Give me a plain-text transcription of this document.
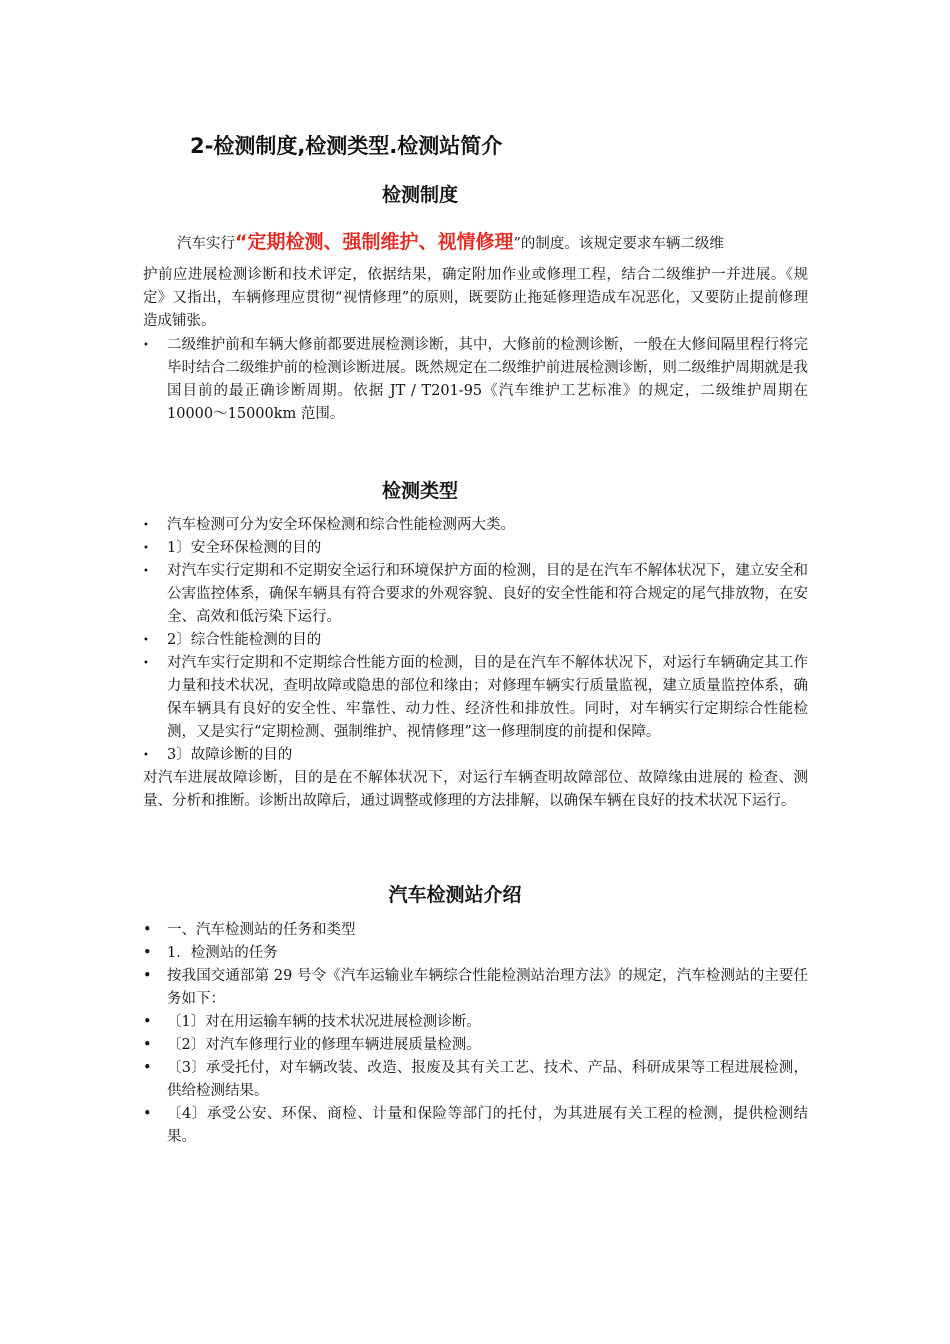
2-检测制度,检测类型.检测站简介
检测制度

汽车实行“定期检测、强制维护、视情修理”的制度。该规定要求车辆二级维

护前应进展检测诊断和技术评定，依据结果，确定附加作业或修理工程，结合二级维护一并进展。《规定》又指出，车辆修理应贯彻“视情修理”的原则，既要防止拖延修理造成车况恶化，又要防止提前修理造成铺张。

•	二级维护前和车辆大修前都要进展检测诊断，其中，大修前的检测诊断，一般在大修间隔里程行将完毕时结合二级维护前的检测诊断进展。既然规定在二级维护前进展检测诊断，则二级维护周期就是我国目前的最正确诊断周期。依据 JT / T201-95《汽车维护工艺标准》的规定，二级维护周期在 10000～15000km 范围。
检测类型
•	汽车检测可分为安全环保检测和综合性能检测两大类。
•	1〕安全环保检测的目的
•	对汽车实行定期和不定期安全运行和环境保护方面的检测，目的是在汽车不解体状况下，建立安全和公害监控体系，确保车辆具有符合要求的外观容貌、良好的安全性能和符合规定的尾气排放物，在安全、高效和低污染下运行。
•	2〕综合性能检测的目的
•	对汽车实行定期和不定期综合性能方面的检测，目的是在汽车不解体状况下，对运行车辆确定其工作力量和技术状况，查明故障或隐患的部位和缘由；对修理车辆实行质量监视，建立质量监控体系，确保车辆具有良好的安全性、牢靠性、动力性、经济性和排放性。同时，对车辆实行定期综合性能检测，又是实行“定期检测、强制维护、视情修理”这一修理制度的前提和保障。
•	3〕故障诊断的目的

对汽车进展故障诊断，目的是在不解体状况下，对运行车辆查明故障部位、故障缘由进展的 检查、测量、分析和推断。诊断出故障后，通过调整或修理的方法排解，以确保车辆在良好的技术状况下运行。

汽车检测站介绍
•	一、汽车检测站的任务和类型
•	1．检测站的任务
•	按我国交通部第 29 号令《汽车运输业车辆综合性能检测站治理方法》的规定，汽车检测站的主要任务如下：
•	〔1〕对在用运输车辆的技术状况进展检测诊断。
•	〔2〕对汽车修理行业的修理车辆进展质量检测。
•	〔3〕承受托付，对车辆改装、改造、报废及其有关工艺、技术、产品、科研成果等工程进展检测，供给检测结果。
•	〔4〕承受公安、环保、商检、计量和保险等部门的托付，为其进展有关工程的检测，提供检测结果。
